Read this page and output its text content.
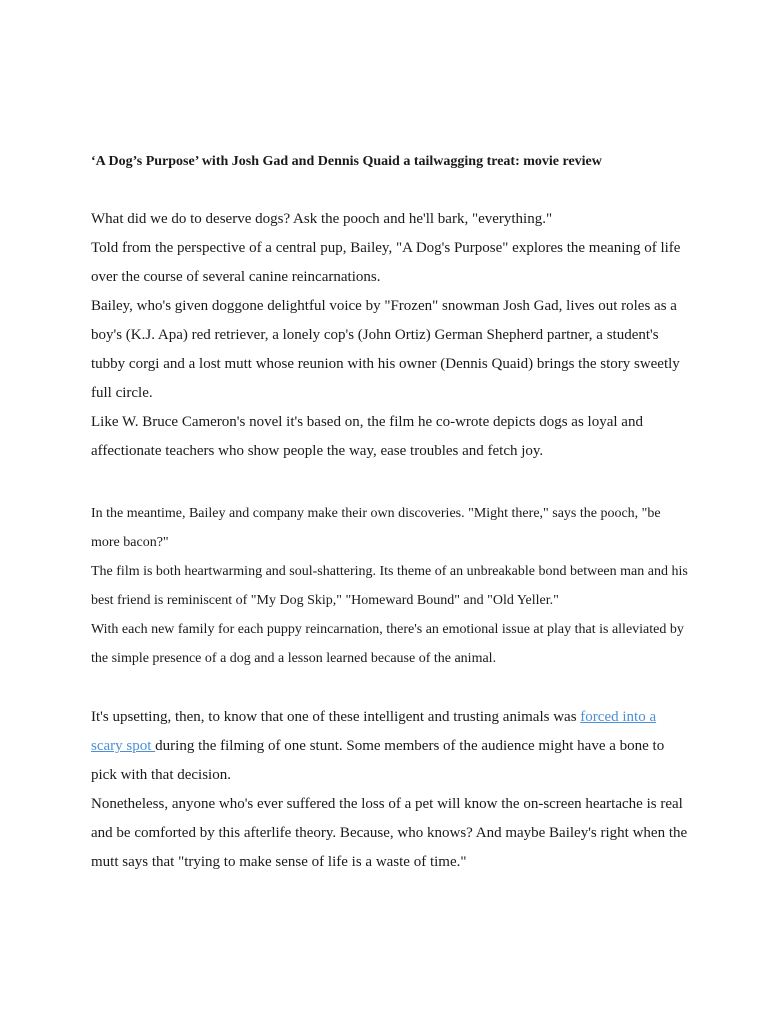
‘A Dog’s Purpose’ with Josh Gad and Dennis Quaid a tailwagging treat: movie review

What did we do to deserve dogs? Ask the pooch and he'll bark, "everything."

Told from the perspective of a central pup, Bailey, "A Dog's Purpose" explores the meaning of life over the course of several canine reincarnations.

Bailey, who's given doggone delightful voice by "Frozen" snowman Josh Gad, lives out roles as a boy's (K.J. Apa) red retriever, a lonely cop's (John Ortiz) German Shepherd partner, a student's tubby corgi and a lost mutt whose reunion with his owner (Dennis Quaid) brings the story sweetly full circle.

Like W. Bruce Cameron's novel it's based on, the film he co-wrote depicts dogs as loyal and affectionate teachers who show people the way, ease troubles and fetch joy.

In the meantime, Bailey and company make their own discoveries. "Might there," says the pooch, "be more bacon?"

The film is both heartwarming and soul-shattering. Its theme of an unbreakable bond between man and his best friend is reminiscent of "My Dog Skip," "Homeward Bound" and "Old Yeller."

With each new family for each puppy reincarnation, there's an emotional issue at play that is alleviated by the simple presence of a dog and a lesson learned because of the animal.

It's upsetting, then, to know that one of these intelligent and trusting animals was forced into a scary spot during the filming of one stunt. Some members of the audience might have a bone to pick with that decision.

Nonetheless, anyone who's ever suffered the loss of a pet will know the on-screen heartache is real and be comforted by this afterlife theory. Because, who knows? And maybe Bailey's right when the mutt says that "trying to make sense of life is a waste of time."
